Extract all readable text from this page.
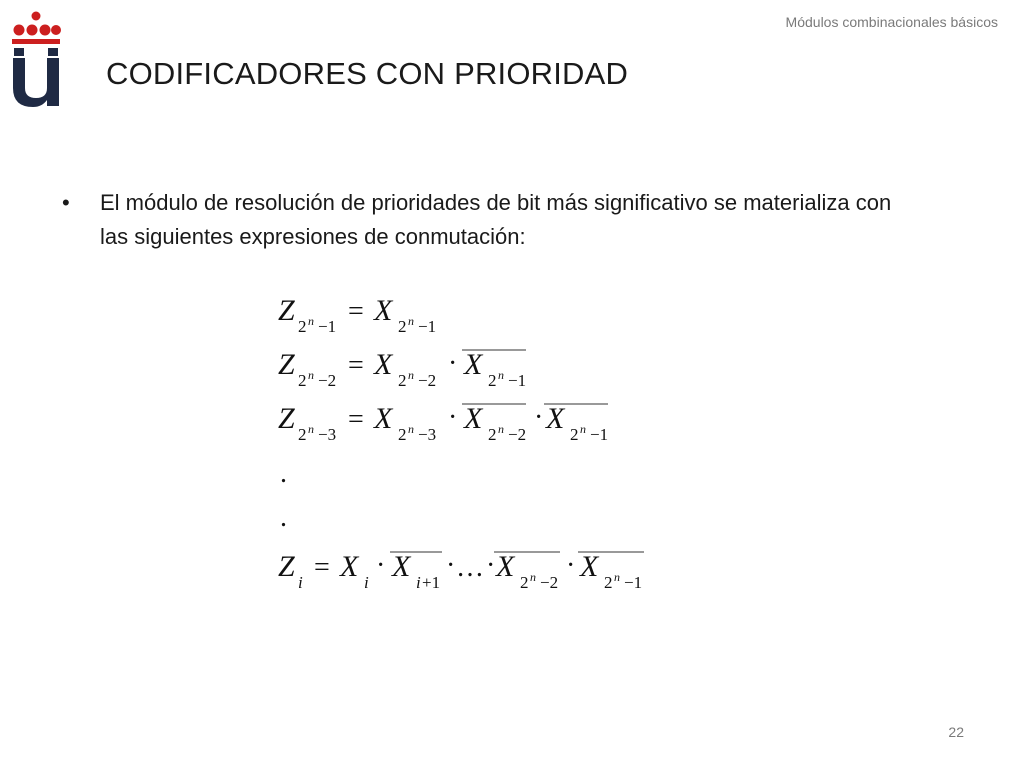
Módulos combinacionales básicos
CODIFICADORES CON PRIORIDAD
• El módulo de resolución de prioridades de bit más significativo se materializa con las siguientes expresiones de conmutación:
Z 2 n −1 = X 2 n −1
Z 2 n −2 = X 2 n −2
· X 2 n −1
Z 2 n −3 = X 2 n −3
· X 2 n −2
· X 2 n −1
.
.
Z i = X i
· X i +1
· … · X 2 n −2
· X 2 n −1
22
